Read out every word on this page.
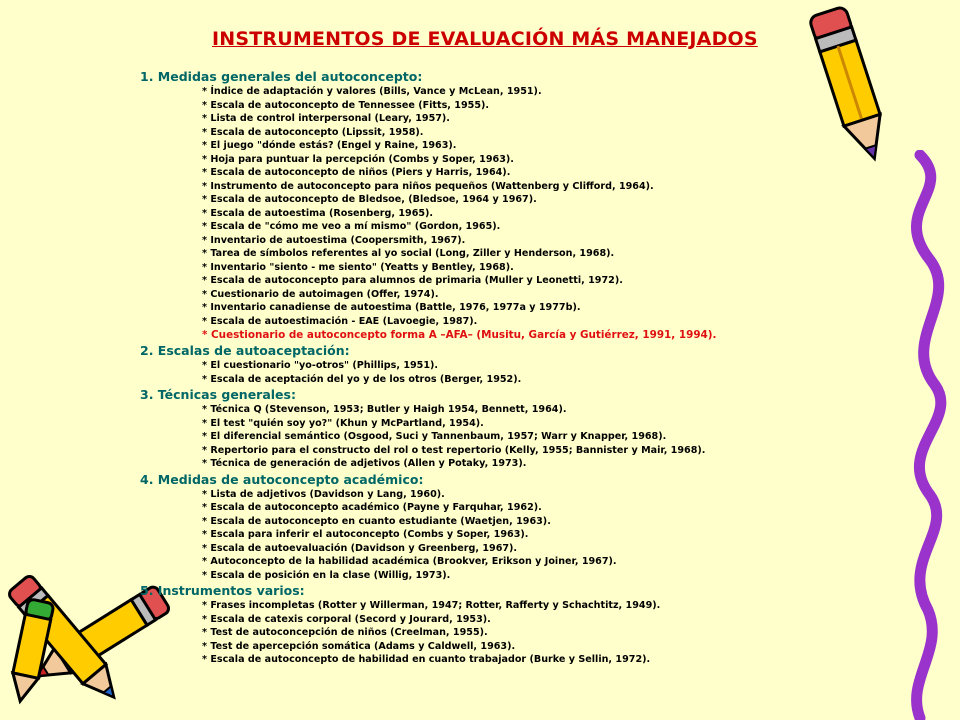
INSTRUMENTOS DE EVALUACIÓN MÁS MANEJADOS
1. Medidas generales del autoconcepto:
* Índice de adaptación y valores (Bills, Vance y McLean, 1951).
* Escala de autoconcepto de Tennessee (Fitts, 1955).
* Lista de control interpersonal (Leary, 1957).
* Escala de autoconcepto (Lipssit, 1958).
* El juego "dónde estás? (Engel y Raine, 1963).
* Hoja para puntuar la percepción (Combs y Soper, 1963).
* Escala de autoconcepto de niños (Piers y Harris, 1964).
* Instrumento de autoconcepto para niños pequeños (Wattenberg y Clifford, 1964).
* Escala de autoconcepto de Bledsoe, (Bledsoe, 1964 y 1967).
* Escala de autoestima (Rosenberg, 1965).
* Escala de "cómo me veo a mí mismo" (Gordon, 1965).
* Inventario de autoestima (Coopersmith, 1967).
* Tarea de símbolos referentes al yo social (Long, Ziller y Henderson, 1968).
* Inventario "siento - me siento" (Yeatts y Bentley, 1968).
* Escala de autoconcepto para alumnos de primaria (Muller y Leonetti, 1972).
* Cuestionario de autoimagen (Offer, 1974).
* Inventario canadiense de autoestima (Battle, 1976, 1977a y 1977b).
* Escala de autoestimación - EAE (Lavoegie, 1987).
* Cuestionario de autoconcepto forma A –AFA– (Musitu, García y Gutiérrez, 1991, 1994).
2. Escalas de autoaceptación:
* El cuestionario "yo-otros" (Phillips, 1951).
* Escala de aceptación del yo y de los otros (Berger, 1952).
3. Técnicas generales:
* Técnica Q (Stevenson, 1953; Butler y Haigh 1954, Bennett, 1964).
* El test "quién soy yo?" (Khun y McPartland, 1954).
* El diferencial semántico (Osgood, Suci y Tannenbaum, 1957; Warr y Knapper, 1968).
* Repertorio para el constructo del rol o test repertorio (Kelly, 1955; Bannister y Mair, 1968).
* Técnica de generación de adjetivos (Allen y Potaky, 1973).
4. Medidas de autoconcepto académico:
* Lista de adjetivos (Davidson y Lang, 1960).
* Escala de autoconcepto académico (Payne y Farquhar, 1962).
* Escala de autoconcepto en cuanto estudiante (Waetjen, 1963).
* Escala para inferir el autoconcepto (Combs y Soper, 1963).
* Escala de autoevaluación (Davidson y Greenberg, 1967).
* Autoconcepto de la habilidad académica (Brookver, Erikson y Joiner, 1967).
* Escala de posición en la clase (Willig, 1973).
5. Instrumentos varios:
* Frases incompletas (Rotter y Willerman, 1947; Rotter, Rafferty y Schachtitz, 1949).
* Escala de catexis corporal (Secord y Jourard, 1953).
* Test de autoconcepción de niños (Creelman, 1955).
* Test de apercepción somática (Adams y Caldwell, 1963).
* Escala de autoconcepto de habilidad en cuanto trabajador (Burke y Sellin, 1972).
